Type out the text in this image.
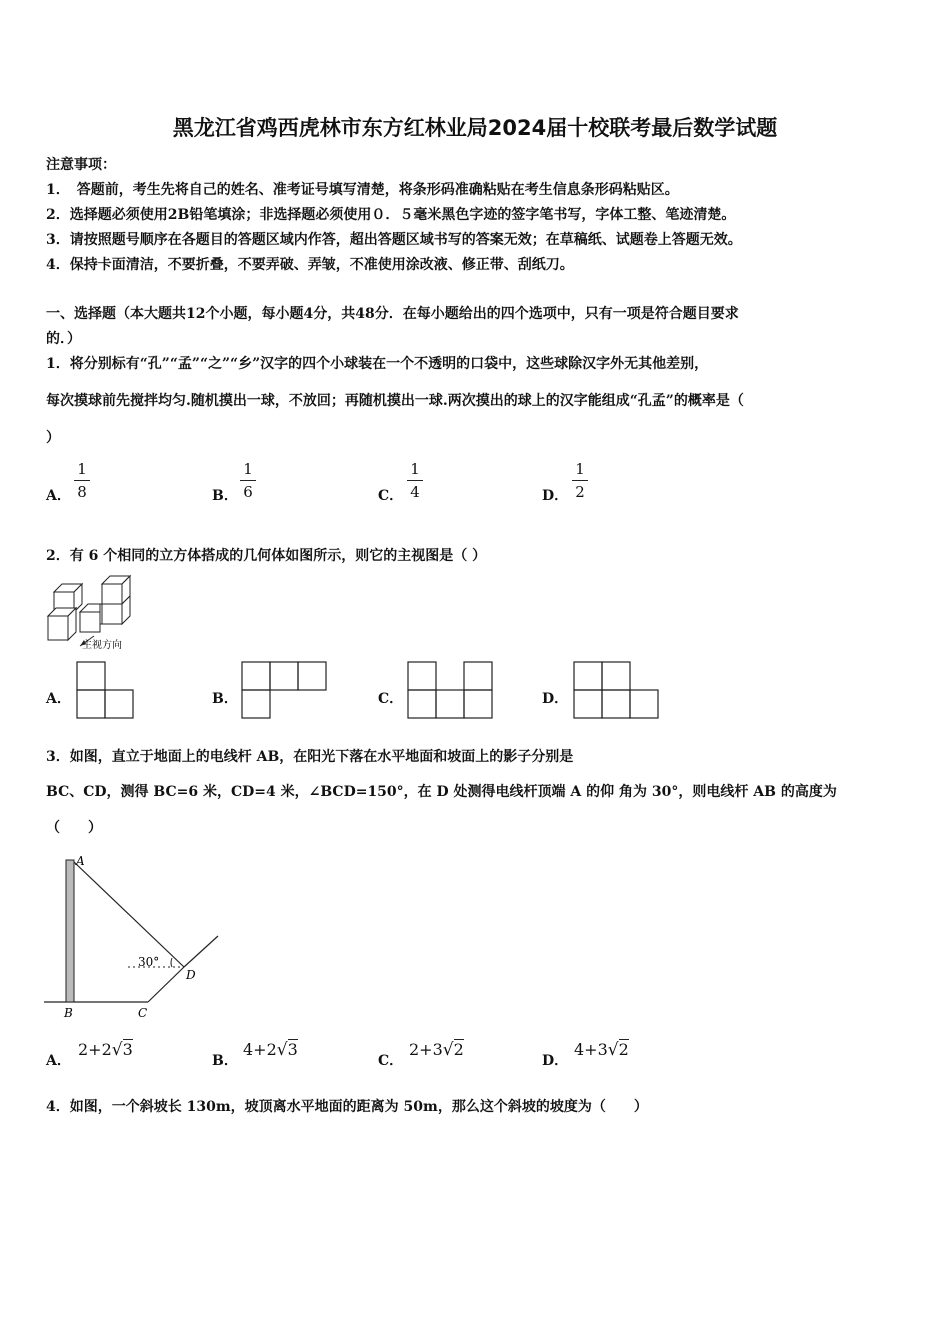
黑龙江省鸡西虎林市东方红林业局2024届十校联考最后数学试题
注意事项：
1．　答题前，考生先将自己的姓名、准考证号填写清楚，将条形码准确粘贴在考生信息条形码粘贴区。
2．选择题必须使用2B铅笔填涂；非选择题必须使用０．５毫米黑色字迹的签字笔书写，字体工整、笔迹清楚。
3．请按照题号顺序在各题目的答题区域内作答，超出答题区域书写的答案无效；在草稿纸、试题卷上答题无效。
4．保持卡面清洁，不要折叠，不要弄破、弄皱，不准使用涂改液、修正带、刮纸刀。
一、选择题（本大题共12个小题，每小题4分，共48分．在每小题给出的四个选项中，只有一项是符合题目要求
的．）
1．将分别标有“孔”“孟”“之”“乡”汉字的四个小球装在一个不透明的口袋中，这些球除汉字外无其他差别，
每次摸球前先搅拌均匀.随机摸出一球，不放回；再随机摸出一球.两次摸出的球上的汉字能组成“孔孟”的概率是（
）
A．
1
8	B．
1
6	C．
1
4	D．
1
2
2．有 6 个相同的立方体搭成的几何体如图所示，则它的主视图是（ ）
主视方向
A．	B．	C．	D．
3．如图，直立于地面上的电线杆 AB，在阳光下落在水平地面和坡面上的影子分别是
BC、CD，测得 BC=6 米，CD=4 米，∠BCD=150°，在 D 处测得电线杆顶端 A 的仰 角为 30°，则电线杆 AB 的高度为
（　　）
A
B	C
D
30°
A．
2+2√3
B．
4+2√3
C．
2+3√2
D．
4+3√2
4．如图，一个斜坡长 130m，坡顶离水平地面的距离为 50m，那么这个斜坡的坡度为（　　）
